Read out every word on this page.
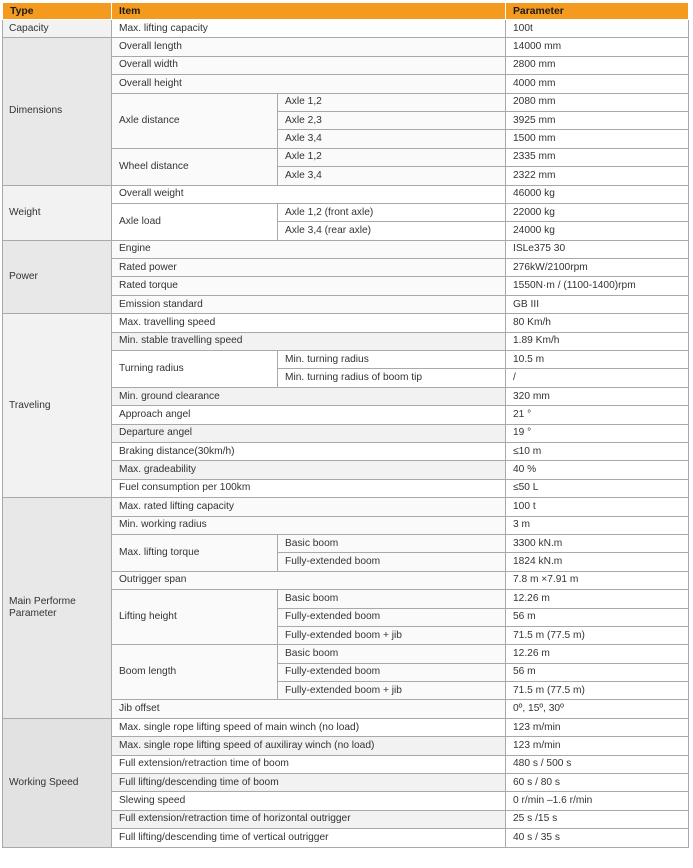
Type	Item		Parameter
Capacity	Max. lifting capacity		100t
Dimensions	Overall length		14000 mm
	Overall width		2800 mm
	Overall height		4000 mm
	Axle distance	Axle 1,2	2080 mm
		Axle 2,3	3925 mm
		Axle 3,4	1500 mm
	Wheel distance	Axle 1,2	2335 mm
		Axle 3,4	2322 mm
Weight	Overall weight		46000 kg
	Axle load	Axle 1,2 (front axle)	22000 kg
		Axle 3,4 (rear axle)	24000 kg
Power	Engine		ISLe375 30
	Rated power		276kW/2100rpm
	Rated torque		1550N·m / (1100-1400)rpm
	Emission standard		GB III
Traveling	Max. travelling speed		80 Km/h
	Min. stable travelling speed		1.89 Km/h
	Turning radius	Min. turning radius	10.5 m
		Min. turning radius of boom tip	/
	Min. ground clearance		320 mm
	Approach angel		21 °
	Departure angel		19 °
	Braking distance(30km/h)		≤10 m
	Max. gradeability		40 %
	Fuel consumption per 100km		≤50 L
Main Performe Parameter	Max. rated lifting capacity		100 t
	Min. working radius		3 m
	Max. lifting torque	Basic boom	3300 kN.m
		Fully-extended boom	1824 kN.m
	Outrigger span		7.8 m ×7.91 m
	Lifting height	Basic boom	12.26 m
		Fully-extended boom	56 m
		Fully-extended boom + jib	71.5 m (77.5 m)
	Boom length	Basic boom	12.26 m
		Fully-extended boom	56 m
		Fully-extended boom + jib	71.5 m (77.5 m)
	Jib offset		0º, 15º, 30º
Working Speed	Max. single rope lifting speed of main winch (no load)		123 m/min
	Max. single rope lifting speed of auxiliray winch (no load)		123 m/min
	Full extension/retraction time of boom		480 s / 500 s
	Full lifting/descending time of boom		60 s / 80 s
	Slewing speed		0 r/min –1.6 r/min
	Full extension/retraction time of horizontal outrigger		25 s /15 s
	Full lifting/descending time of vertical outrigger		40 s / 35 s
